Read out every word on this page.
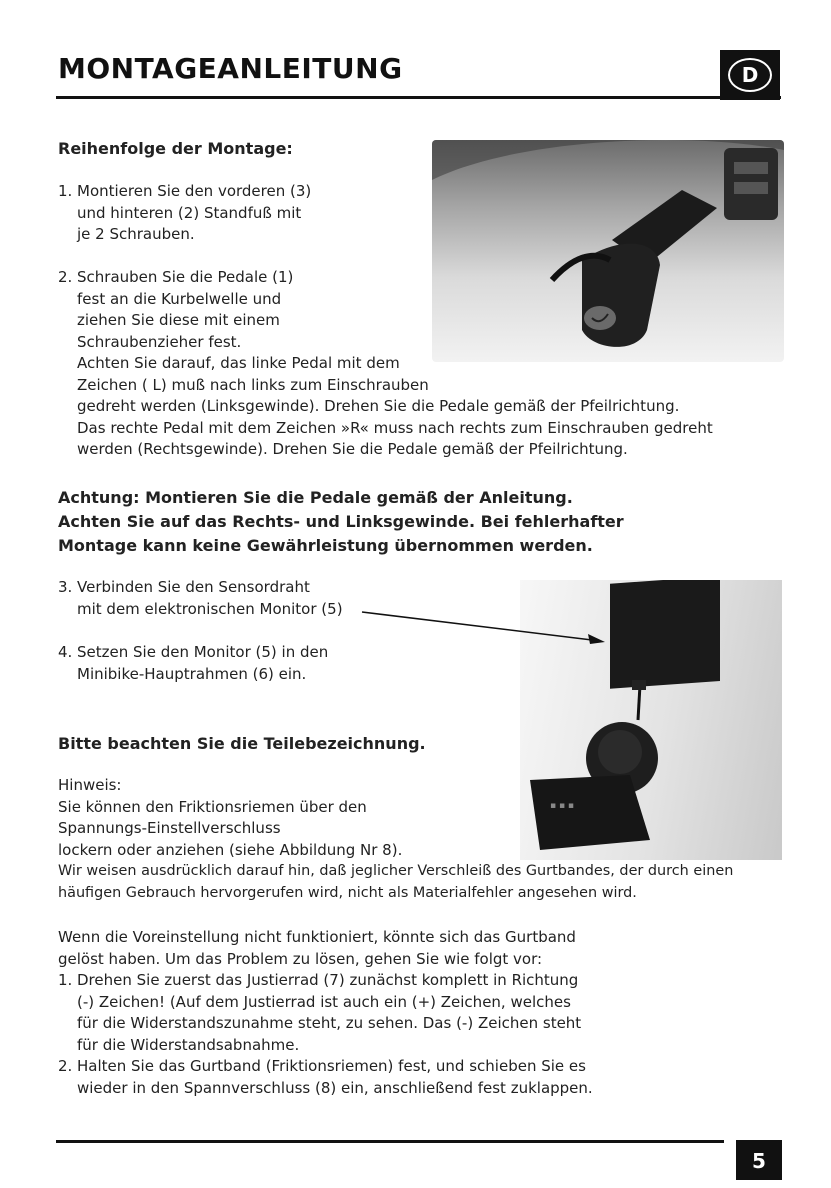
MONTAGEANLEITUNG	D
Reihenfolge der Montage:
1. Montieren Sie den vorderen (3)
und hinteren (2) Standfuß mit
je 2 Schrauben.
2. Schrauben Sie die Pedale (1)
fest an die Kurbelwelle und
ziehen Sie diese mit einem
Schraubenzieher fest.
Achten Sie darauf, das linke Pedal mit dem
Zeichen ( L) muß nach links zum Einschrauben
gedreht werden (Linksgewinde). Drehen Sie die Pedale gemäß der Pfeilrichtung.
Das rechte Pedal mit dem Zeichen »R« muss nach rechts zum Einschrauben gedreht
werden (Rechtsgewinde). Drehen Sie die Pedale gemäß der Pfeilrichtung.
Achtung: Montieren Sie die Pedale gemäß der Anleitung.
Achten Sie auf das Rechts- und Linksgewinde. Bei fehlerhafter
Montage kann keine Gewährleistung übernommen werden.
▪ ▪ ▪
3. Verbinden Sie den Sensordraht
mit dem elektronischen Monitor (5)
4. Setzen Sie den Monitor (5) in den
Minibike-Hauptrahmen (6) ein.
Bitte beachten Sie die Teilebezeichnung.
Hinweis:
Sie können den Friktionsriemen über den
Spannungs-Einstellverschluss
lockern oder anziehen (siehe Abbildung Nr 8).
Wir weisen ausdrücklich darauf hin, daß jeglicher Verschleiß des Gurtbandes, der durch einen
häufigen Gebrauch hervorgerufen wird, nicht als Materialfehler angesehen wird.
Wenn die Voreinstellung nicht funktioniert, könnte sich das Gurtband
gelöst haben. Um das Problem zu lösen, gehen Sie wie folgt vor:
1. Drehen Sie zuerst das Justierrad (7) zunächst komplett in Richtung
(-) Zeichen! (Auf dem Justierrad ist auch ein (+) Zeichen, welches
für die Widerstandszunahme steht, zu sehen. Das (-) Zeichen steht
für die Widerstandsabnahme.
2. Halten Sie das Gurtband (Friktionsriemen) fest, und schieben Sie es
wieder in den Spannverschluss (8) ein, anschließend fest zuklappen.
5
